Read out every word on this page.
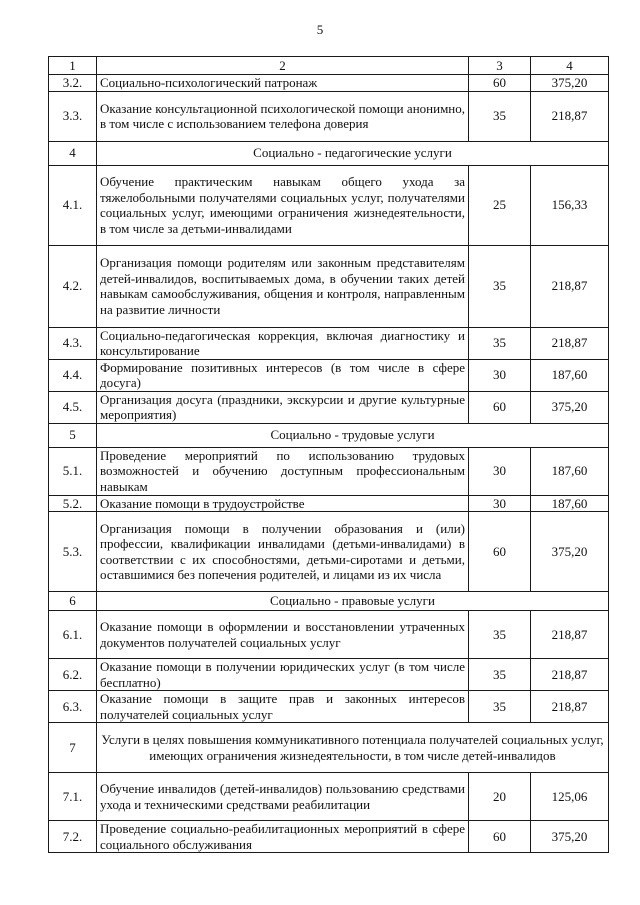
5
1	2	3	4
3.2.	Социально-психологический патронаж	60	375,20
3.3.	Оказание консультационной психологической помощи анонимно, в том числе с использованием телефона доверия	35	218,87
4	Социально - педагогические услуги		
4.1.	Обучение практическим навыкам общего ухода за тяжелобольными получателями социальных услуг, получателями социальных услуг, имеющими ограничения жизнедеятельности, в том числе за детьми-инвалидами	25	156,33
4.2.	Организация помощи родителям или законным представителям детей-инвалидов, воспитываемых дома, в обучении таких детей навыкам самообслуживания, общения и контроля, направленным на развитие личности	35	218,87
4.3.	Социально-педагогическая коррекция, включая диагностику и консультирование	35	218,87
4.4.	Формирование позитивных интересов (в том числе в сфере досуга)	30	187,60
4.5.	Организация досуга (праздники, экскурсии и другие культурные мероприятия)	60	375,20
5	Социально - трудовые услуги		
5.1.	Проведение мероприятий по использованию трудовых возможностей и обучению доступным профессиональным навыкам	30	187,60
5.2.	Оказание помощи в трудоустройстве	30	187,60
5.3.	Организация помощи в получении образования и (или) профессии, квалификации инвалидами (детьми-инвалидами) в соответствии с их способностями, детьми-сиротами и детьми, оставшимися без попечения родителей, и лицами из их числа	60	375,20
6	Социально - правовые услуги		
6.1.	Оказание помощи в оформлении и восстановлении утраченных документов получателей социальных услуг	35	218,87
6.2.	Оказание помощи в получении юридических услуг (в том числе бесплатно)	35	218,87
6.3.	Оказание помощи в защите прав и законных интересов получателей социальных услуг	35	218,87
7	Услуги в целях повышения коммуникативного потенциала получателей социальных услуг, имеющих ограничения жизнедеятельности, в том числе детей-инвалидов		
7.1.	Обучение инвалидов (детей-инвалидов) пользованию средствами ухода и техническими средствами реабилитации	20	125,06
7.2.	Проведение социально-реабилитационных мероприятий в сфере социального обслуживания	60	375,20
